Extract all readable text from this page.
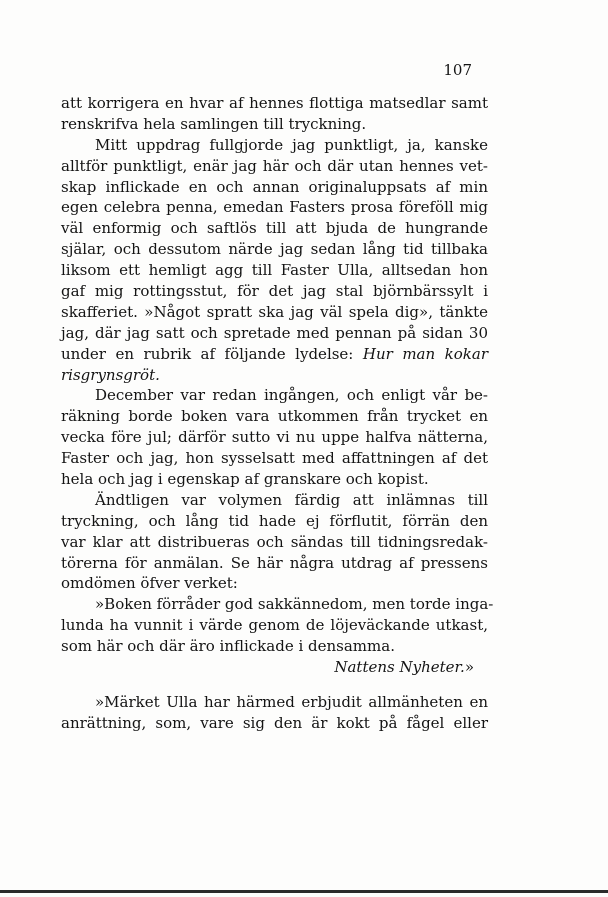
107
att korrigera en hvar af hennes flottiga matsedlar samt
renskrifva hela samlingen till tryckning.
Mitt uppdrag fullgjorde jag punktligt, ja, kanske
alltför punktligt, enär jag här och där utan hennes vet-
skap inflickade en och annan originaluppsats af min
egen celebra penna, emedan Fasters prosa föreföll mig
väl enformig och saftlös till att bjuda de hungrande
själar, och dessutom närde jag sedan lång tid tillbaka
liksom ett hemligt agg till Faster Ulla, alltsedan hon
gaf mig rottingsstut, för det jag stal björnbärssylt i
skafferiet. »Något spratt ska jag väl spela dig», tänkte
jag, där jag satt och spretade med pennan på sidan 30
under en rubrik af följande lydelse: Hur man kokar
risgrynsgröt.
December var redan ingången, och enligt vår be-
räkning borde boken vara utkommen från trycket en
vecka före jul; därför sutto vi nu uppe halfva nätterna,
Faster och jag, hon sysselsatt med affattningen af det
hela och jag i egenskap af granskare och kopist.
Ändtligen var volymen färdig att inlämnas till
tryckning, och lång tid hade ej förflutit, förrän den
var klar att distribueras och sändas till tidningsredak-
törerna för anmälan. Se här några utdrag af pressens
omdömen öfver verket:
»Boken förråder god sakkännedom, men torde inga-
lunda ha vunnit i värde genom de löjeväckande utkast,
som här och där äro inflickade i densamma.
Nattens Nyheter.»
»Märket Ulla har härmed erbjudit allmänheten en
anrättning, som, vare sig den är kokt på fågel eller
